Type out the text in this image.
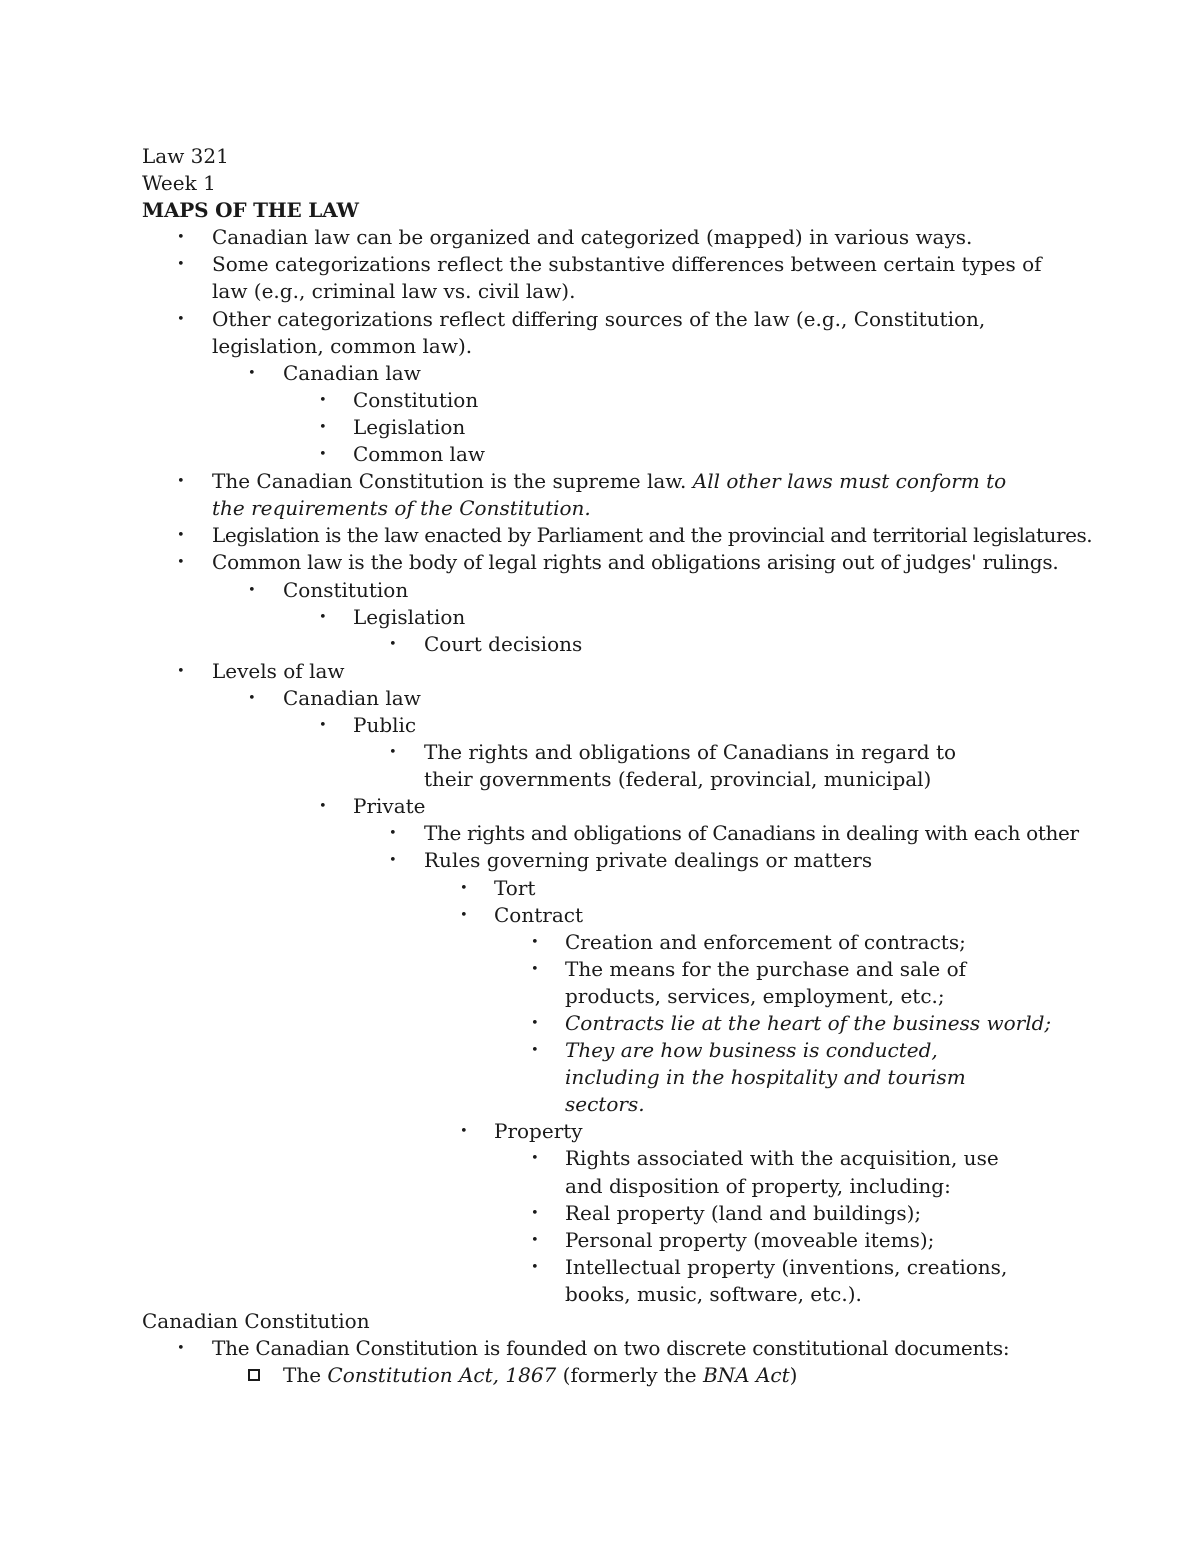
Law 321
Week 1
MAPS OF THE LAW
• Canadian law can be organized and categorized (mapped) in various ways.
• Some categorizations reflect the substantive differences between certain types of law (e.g., criminal law vs. civil law).
• Other categorizations reflect differing sources of the law (e.g., Constitution, legislation, common law).
• Canadian law
• Constitution
• Legislation
• Common law
• The Canadian Constitution is the supreme law. All other laws must conform to the requirements of the Constitution.
• Legislation is the law enacted by Parliament and the provincial and territorial legislatures.
• Common law is the body of legal rights and obligations arising out of judges' rulings.
• Constitution
• Legislation
• Court decisions
• Levels of law
• Canadian law
• Public
• The rights and obligations of Canadians in regard to their governments (federal, provincial, municipal)
• Private
• The rights and obligations of Canadians in dealing with each other
• Rules governing private dealings or matters
• Tort
• Contract
• Creation and enforcement of contracts;
• The means for the purchase and sale of products, services, employment, etc.;
• Contracts lie at the heart of the business world;
• They are how business is conducted, including in the hospitality and tourism sectors.
• Property
• Rights associated with the acquisition, use and disposition of property, including:
• Real property (land and buildings);
• Personal property (moveable items);
• Intellectual property (inventions, creations, books, music, software, etc.).
Canadian Constitution
• The Canadian Constitution is founded on two discrete constitutional documents:
The Constitution Act, 1867 (formerly the BNA Act)
